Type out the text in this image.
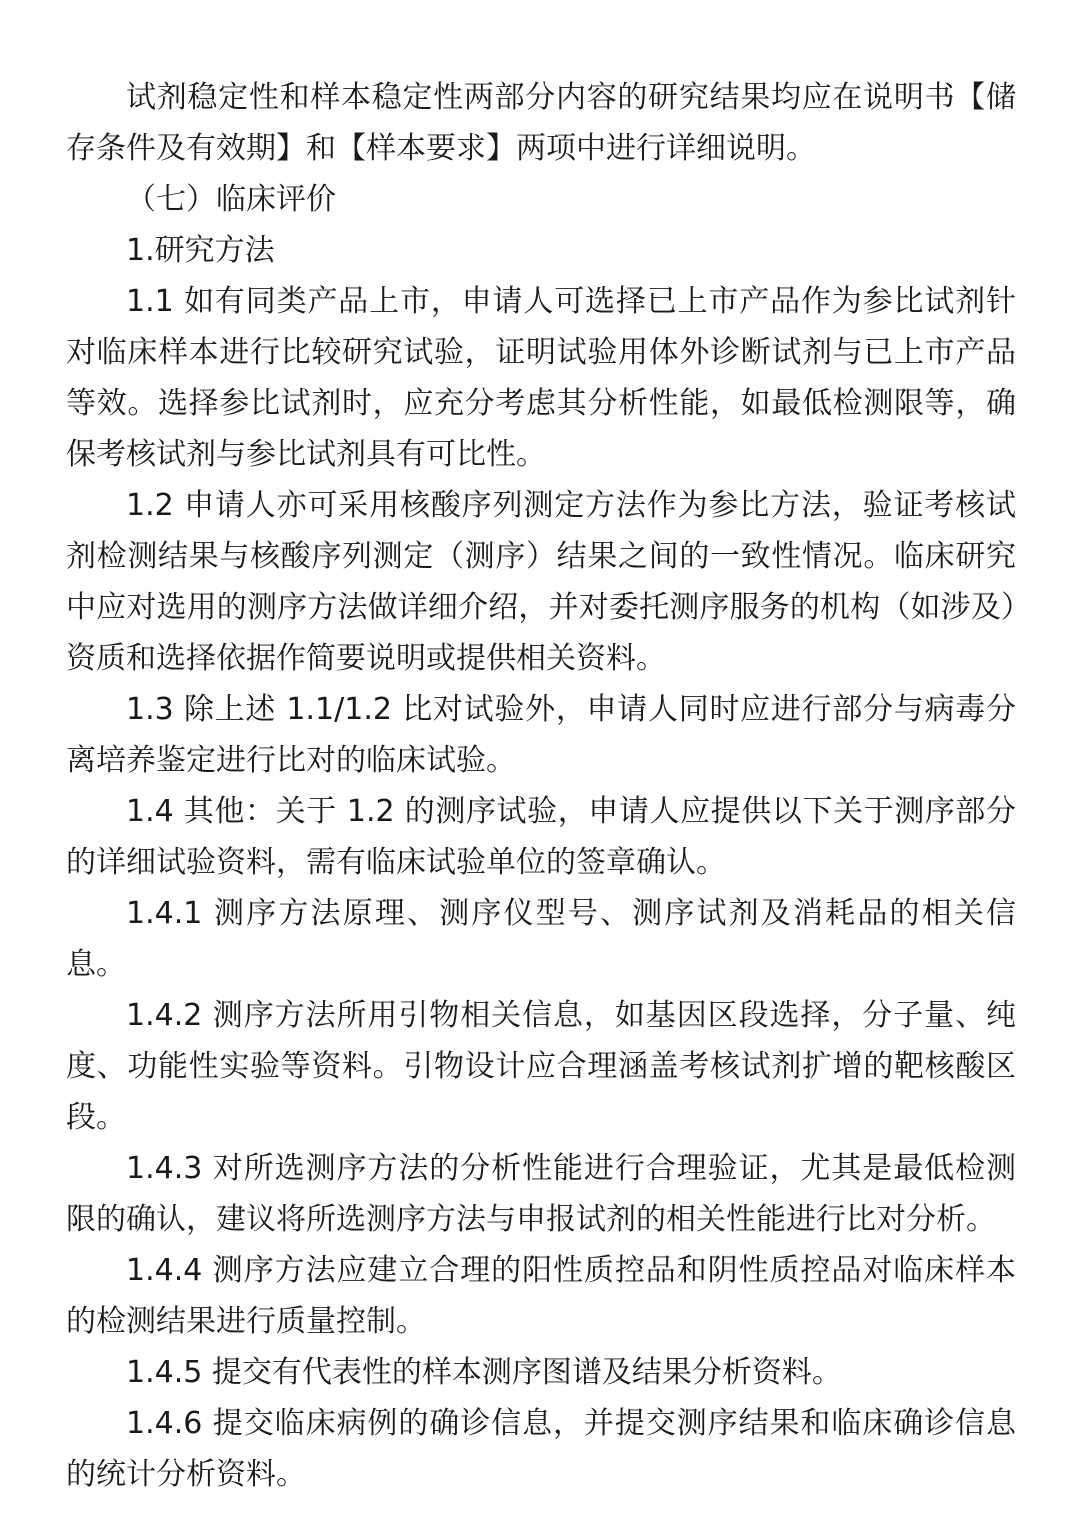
试剂稳定性和样本稳定性两部分内容的研究结果均应在说明书【储存条件及有效期】和【样本要求】两项中进行详细说明。

（七）临床评价

1.研究方法

1.1 如有同类产品上市，申请人可选择已上市产品作为参比试剂针对临床样本进行比较研究试验，证明试验用体外诊断试剂与已上市产品等效。选择参比试剂时，应充分考虑其分析性能，如最低检测限等，确保考核试剂与参比试剂具有可比性。

1.2 申请人亦可采用核酸序列测定方法作为参比方法，验证考核试剂检测结果与核酸序列测定（测序）结果之间的一致性情况。临床研究中应对选用的测序方法做详细介绍，并对委托测序服务的机构（如涉及）资质和选择依据作简要说明或提供相关资料。

1.3 除上述 1.1/1.2 比对试验外，申请人同时应进行部分与病毒分离培养鉴定进行比对的临床试验。

1.4 其他：关于 1.2 的测序试验，申请人应提供以下关于测序部分的详细试验资料，需有临床试验单位的签章确认。

1.4.1 测序方法原理、测序仪型号、测序试剂及消耗品的相关信息。

1.4.2 测序方法所用引物相关信息，如基因区段选择，分子量、纯度、功能性实验等资料。引物设计应合理涵盖考核试剂扩增的靶核酸区段。

1.4.3 对所选测序方法的分析性能进行合理验证，尤其是最低检测限的确认，建议将所选测序方法与申报试剂的相关性能进行比对分析。

1.4.4 测序方法应建立合理的阳性质控品和阴性质控品对临床样本的检测结果进行质量控制。

1.4.5 提交有代表性的样本测序图谱及结果分析资料。

1.4.6 提交临床病例的确诊信息，并提交测序结果和临床确诊信息的统计分析资料。
